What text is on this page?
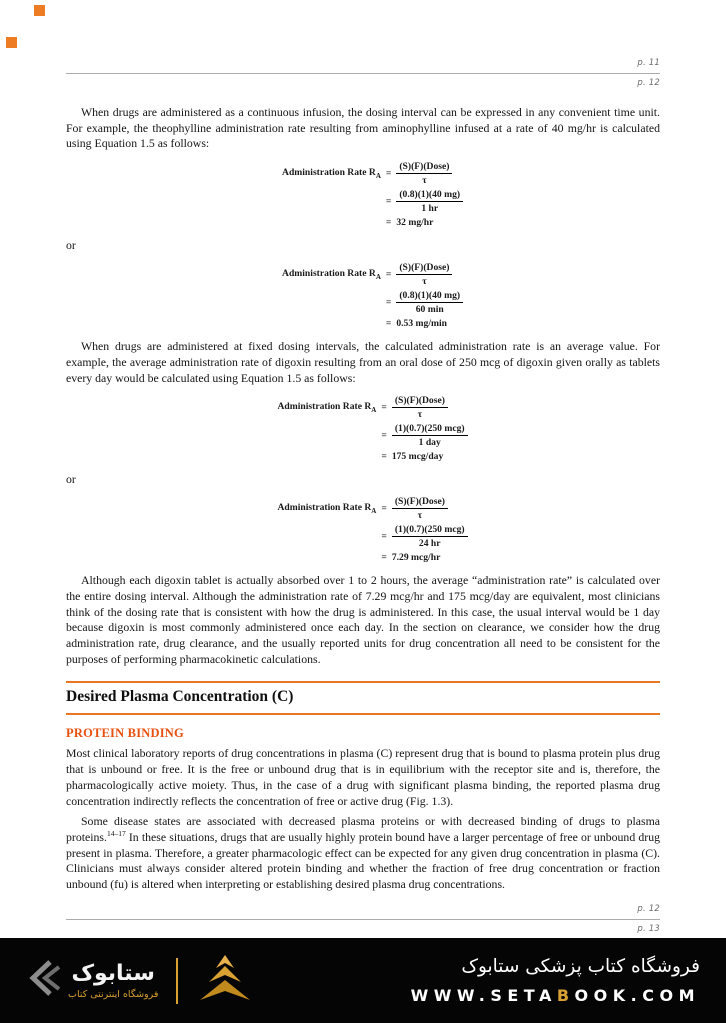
p. 11
p. 12

When drugs are administered as a continuous infusion, the dosing interval can be expressed in any convenient time unit. For example, the theophylline administration rate resulting from aminophylline infused at a rate of 40 mg/hr is calculated using Equation 1.5 as follows:

Administration Rate $R_A = \frac{\text{(S)(F)(Dose)}}{\tau}$
= $\frac{(0.8)(1)(40 mg)}{1 hr}$
= 32 mg/hr

or

Administration Rate $R_A = \frac{\text{(S)(F)(Dose)}}{\tau}$
= $\frac{(0.8)(1)(40 mg)}{60 \min}$
= 0.53 mg/min

When drugs are administered at fixed dosing intervals, the calculated administration rate is an average value. For example, the average administration rate of digoxin resulting from an oral dose of 250 mcg of digoxin given orally as tablets every day would be calculated using Equation 1.5 as follows:

Administration Rate $R_A = \frac{\text{(S)(F)(Dose)}}{\tau}$
= $\frac{\text{(1)(0.7)(250 mcg)}}{\text{1 day}}$
= 175 mcg/day

or

Administration Rate $R_A = \frac{\text{(S)(F)(Dose)}}{\tau}$
= $\frac{\text{(1)(0.7)(250 mcg)}}{24 hr}$
= 7.29 mcg/hr

Although each digoxin tablet is actually absorbed over 1 to 2 hours, the average “administration rate” is calculated over the entire dosing interval. Although the administration rate of 7.29 mcg/hr and 175 mcg/day are equivalent, most clinicians think of the dosing rate that is consistent with how the drug is administered. In this case, the usual interval would be 1 day because digoxin is most commonly administered once each day. In the section on clearance, we consider how the drug administration rate, drug clearance, and the usually reported units for drug concentration all need to be consistent for the purposes of performing pharmacokinetic calculations.

Desired Plasma Concentration (C)
PROTEIN BINDING

Most clinical laboratory reports of drug concentrations in plasma (C) represent drug that is bound to plasma protein plus drug that is unbound or free. It is the free or unbound drug that is in equilibrium with the receptor site and is, therefore, the pharmacologically active moiety. Thus, in the case of a drug with significant plasma binding, the reported plasma drug concentration indirectly reflects the concentration of free or active drug (Fig. 1.3).

Some disease states are associated with decreased plasma proteins or with decreased binding of drugs to plasma proteins.$^{14-17}$ In these situations, drugs that are usually highly protein bound have a larger percentage of free or unbound drug present in plasma. Therefore, a greater pharmacologic effect can be expected for any given drug concentration in plasma (C). Clinicians must always consider altered protein binding and whether the fraction of free drug concentration or fraction unbound (fu) is altered when interpreting or establishing desired plasma drug concentrations.

p. 12
p. 13
ستابوک
فروشگاه اینترنتی کتاب
فروشگاه کتاب پزشکی ستابوک
WWW.SETABOOK.COM
